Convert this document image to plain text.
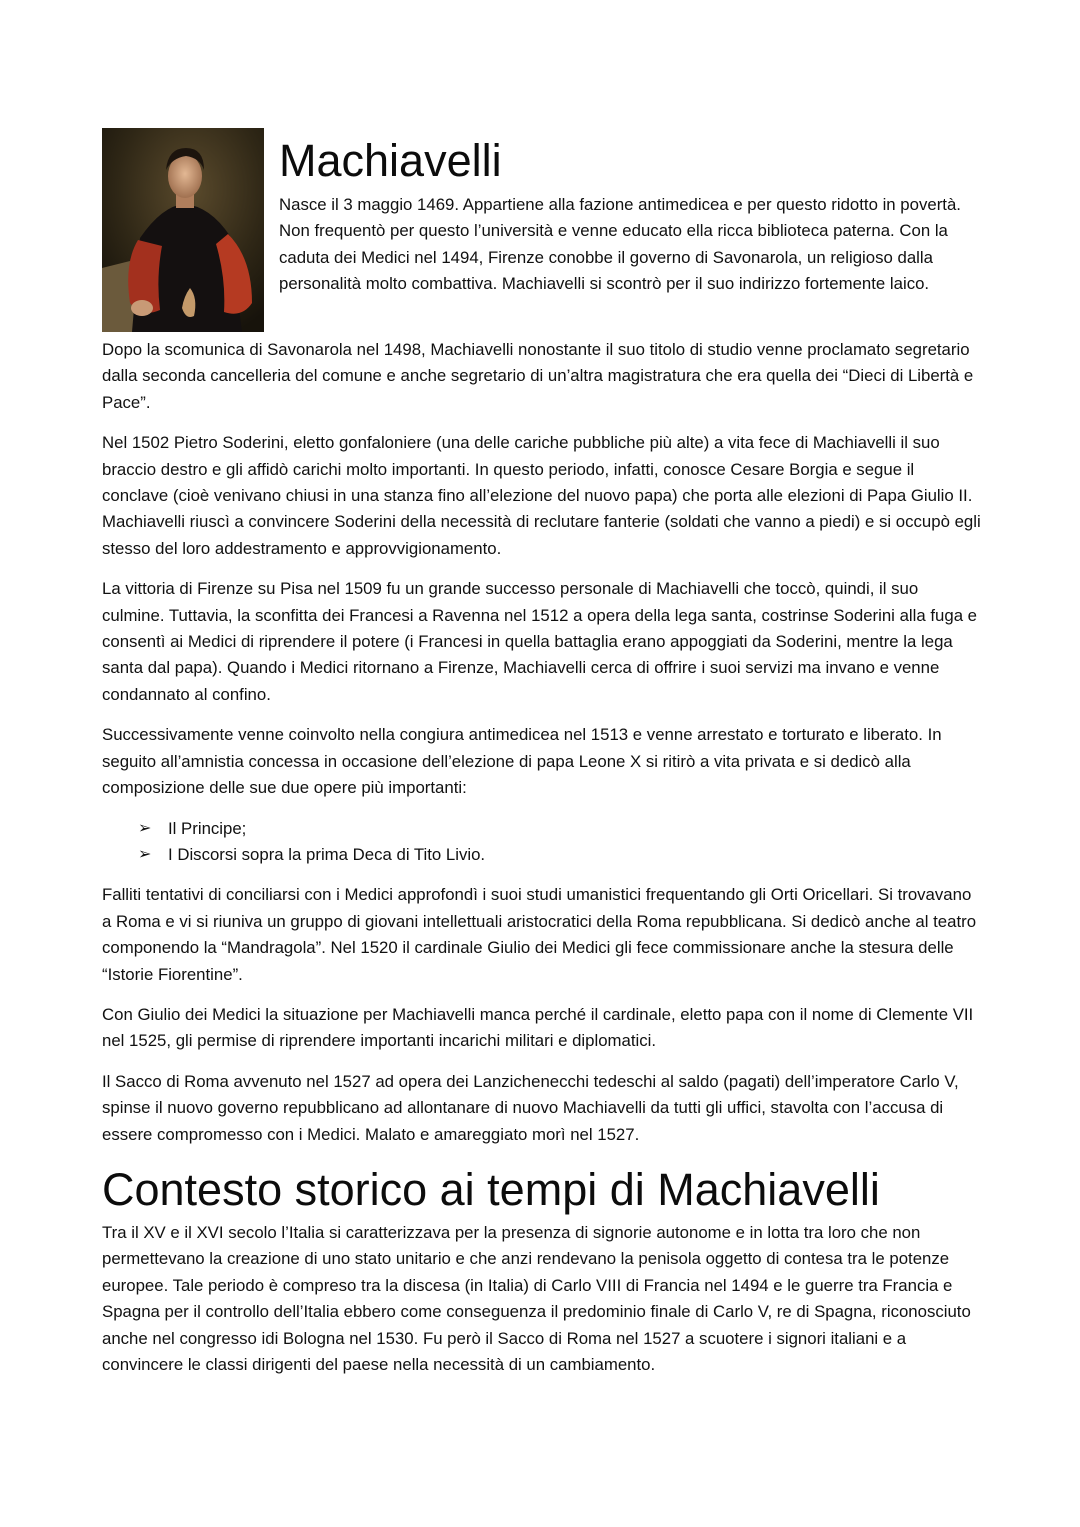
Machiavelli

Nasce il 3 maggio 1469. Appartiene alla fazione antimedicea e per questo ridotto in povertà. Non frequentò per questo l’università e venne educato ella ricca biblioteca paterna. Con la caduta dei Medici nel 1494, Firenze conobbe il governo di Savonarola, un religioso dalla personalità molto combattiva. Machiavelli si scontrò per il suo indirizzo fortemente laico.

Dopo la scomunica di Savonarola nel 1498, Machiavelli nonostante il suo titolo di studio venne proclamato segretario dalla seconda cancelleria del comune e anche segretario di un’altra magistratura che era quella dei “Dieci di Libertà e Pace”.

Nel 1502 Pietro Soderini, eletto gonfaloniere (una delle cariche pubbliche più alte) a vita fece di Machiavelli il suo braccio destro e gli affidò carichi molto importanti. In questo periodo, infatti, conosce Cesare Borgia e segue il conclave (cioè venivano chiusi in una stanza fino all’elezione del nuovo papa) che porta alle elezioni di Papa Giulio II. Machiavelli riuscì a convincere Soderini della necessità di reclutare fanterie (soldati che vanno a piedi) e si occupò egli stesso del loro addestramento e approvvigionamento.

La vittoria di Firenze su Pisa nel 1509 fu un grande successo personale di Machiavelli che toccò, quindi, il suo culmine. Tuttavia, la sconfitta dei Francesi a Ravenna nel 1512 a opera della lega santa, costrinse Soderini alla fuga e consentì ai Medici di riprendere il potere (i Francesi in quella battaglia erano appoggiati da Soderini, mentre la lega santa dal papa). Quando i Medici ritornano a Firenze, Machiavelli cerca di offrire i suoi servizi ma invano e venne condannato al confino.

Successivamente venne coinvolto nella congiura antimedicea nel 1513 e venne arrestato e torturato e liberato. In seguito all’amnistia concessa in occasione dell’elezione di papa Leone X si ritirò a vita privata e si dedicò alla composizione delle sue due opere più importanti:

➢ Il Principe;
➢ I Discorsi sopra la prima Deca di Tito Livio.

Falliti tentativi di conciliarsi con i Medici approfondì i suoi studi umanistici frequentando gli Orti Oricellari. Si trovavano a Roma e vi si riuniva un gruppo di giovani intellettuali aristocratici della Roma repubblicana. Si dedicò anche al teatro componendo la “Mandragola”. Nel 1520 il cardinale Giulio dei Medici gli fece commissionare anche la stesura delle “Istorie Fiorentine”.

Con Giulio dei Medici la situazione per Machiavelli manca perché il cardinale, eletto papa con il nome di Clemente VII nel 1525, gli permise di riprendere importanti incarichi militari e diplomatici.

Il Sacco di Roma avvenuto nel 1527 ad opera dei Lanzichenecchi tedeschi al saldo (pagati) dell’imperatore Carlo V, spinse il nuovo governo repubblicano ad allontanare di nuovo Machiavelli da tutti gli uffici, stavolta con l’accusa di essere compromesso con i Medici. Malato e amareggiato morì nel 1527.

Contesto storico ai tempi di Machiavelli

Tra il XV e il XVI secolo l’Italia si caratterizzava per la presenza di signorie autonome e in lotta tra loro che non permettevano la creazione di uno stato unitario e che anzi rendevano la penisola oggetto di contesa tra le potenze europee. Tale periodo è compreso tra la discesa (in Italia) di Carlo VIII di Francia nel 1494 e le guerre tra Francia e Spagna per il controllo dell’Italia ebbero come conseguenza il predominio finale di Carlo V, re di Spagna, riconosciuto anche nel congresso idi Bologna nel 1530. Fu però il Sacco di Roma nel 1527 a scuotere i signori italiani e a convincere le classi dirigenti del paese nella necessità di un cambiamento.
